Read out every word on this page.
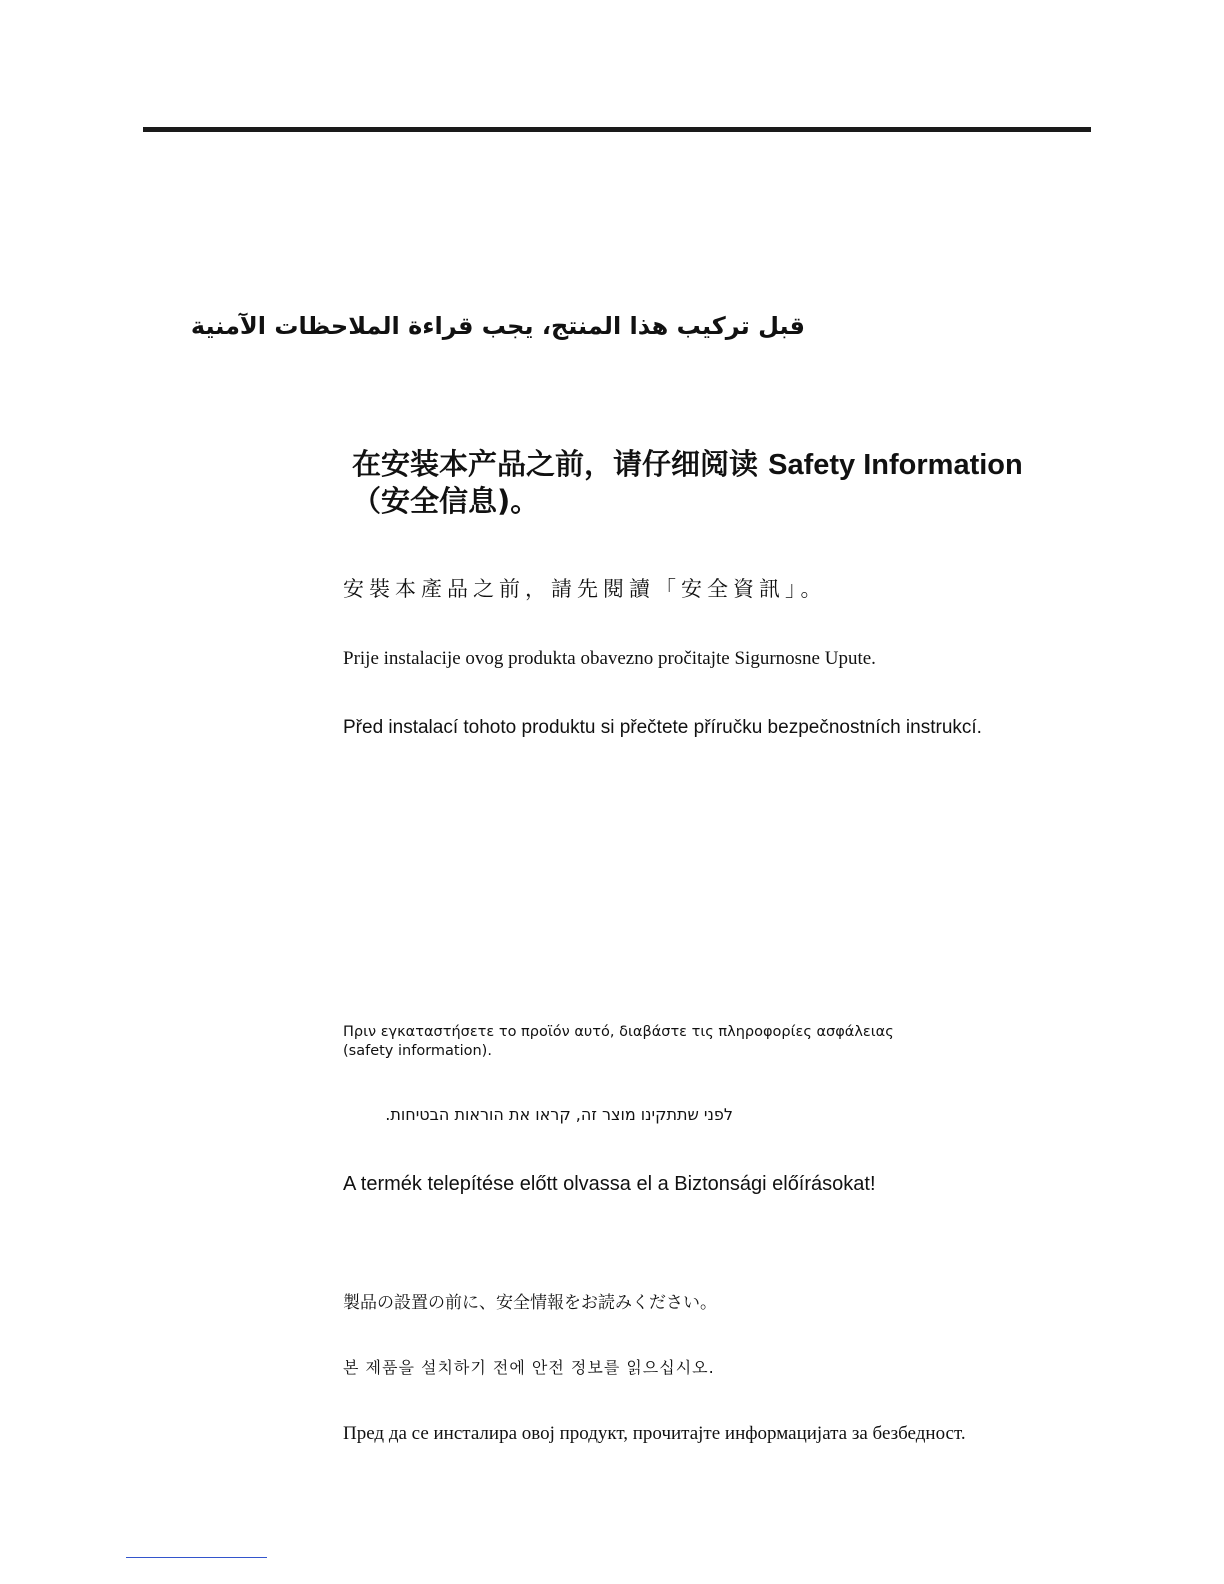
قبل تركيب هذا المنتج، يجب قراءة الملاحظات الآمنية

在安装本产品之前，请仔细阅读 Safety Information
（安全信息)。

安裝本產品之前，請先閱讀「安全資訊」。

Prije instalacije ovog produkta obavezno pročitajte Sigurnosne Upute.

Před instalací tohoto produktu si přečtete příručku bezpečnostních instrukcí.

Πριν εγκαταστήσετε το προϊόν αυτό, διαβάστε τις πληροφορίες ασφάλειας
(safety information).

לפני שתתקינו מוצר זה, קראו את הוראות הבטיחות.

A termék telepítése előtt olvassa el a Biztonsági előírásokat!

製品の設置の前に、安全情報をお読みください。

본 제품을 설치하기 전에 안전 정보를 읽으십시오.

Пред да се инсталира овој продукт, прочитајте информацијата за безбедност.
